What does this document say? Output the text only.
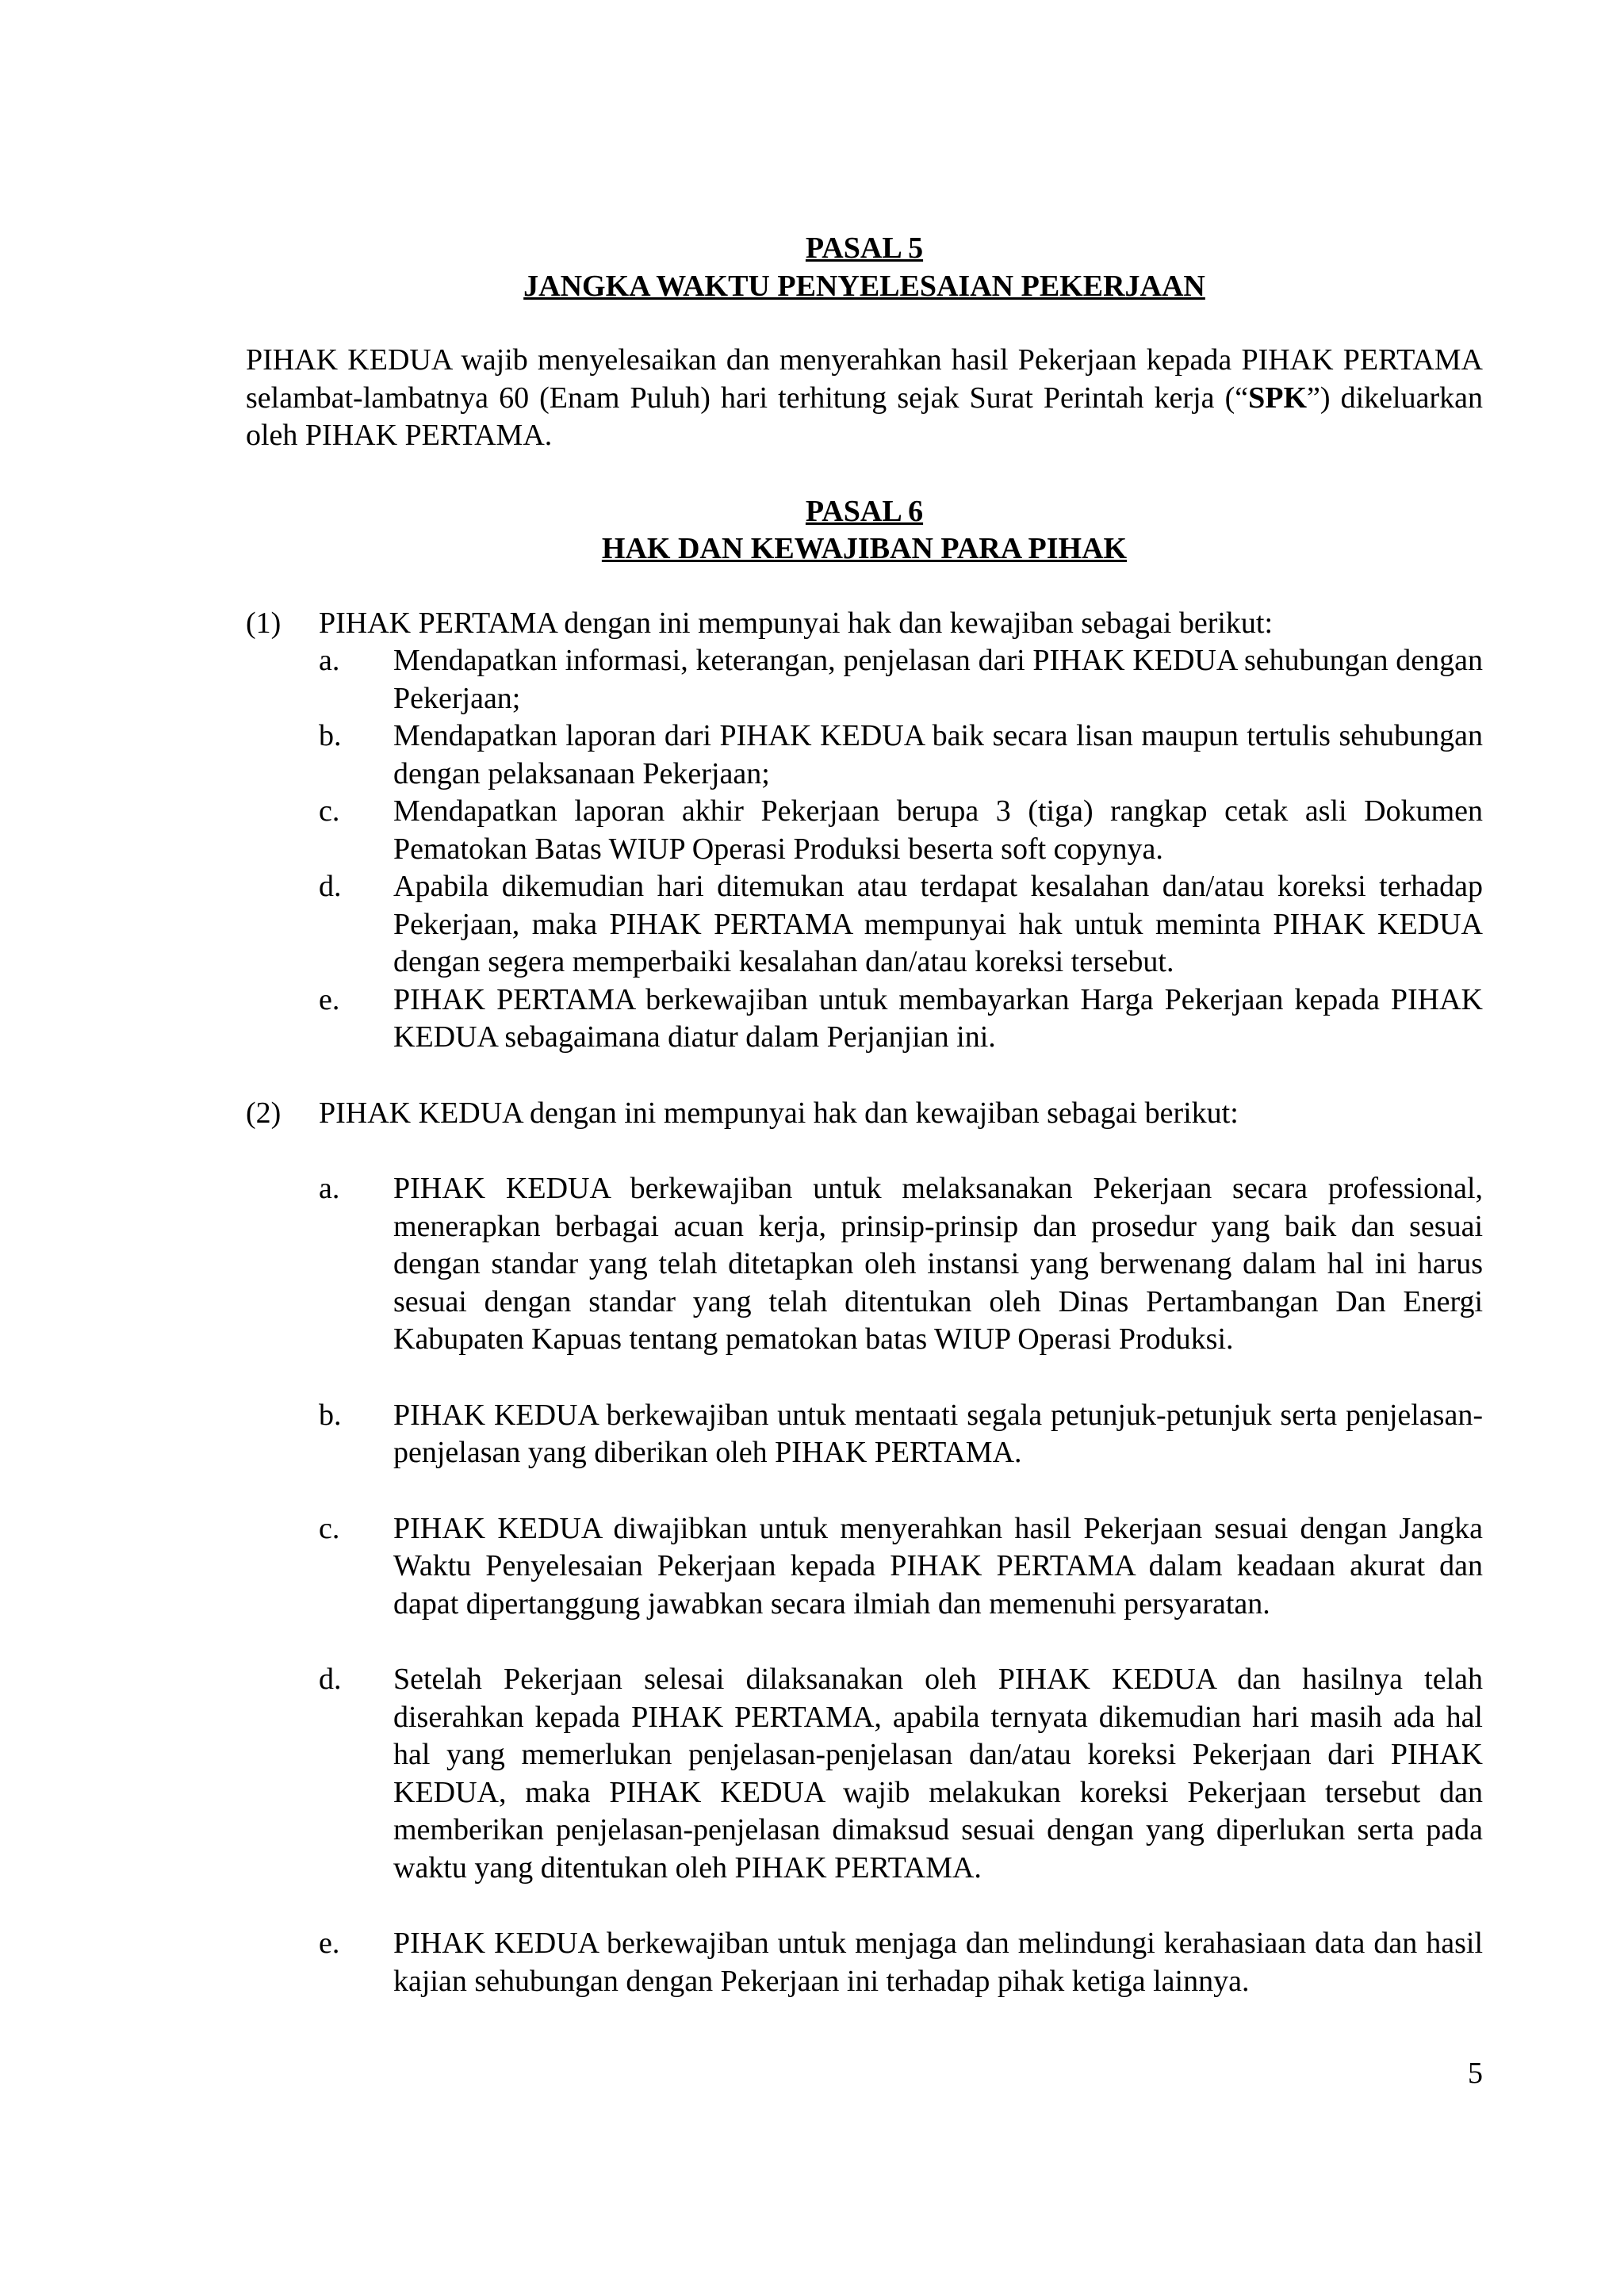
PASAL 5

JANGKA WAKTU PENYELESAIAN PEKERJAAN

PIHAK KEDUA wajib menyelesaikan dan menyerahkan hasil Pekerjaan kepada PIHAK PERTAMA selambat-lambatnya 60 (Enam Puluh) hari terhitung sejak Surat Perintah kerja (“SPK”) dikeluarkan oleh PIHAK PERTAMA.

PASAL 6

HAK DAN KEWAJIBAN PARA PIHAK

(1) PIHAK PERTAMA dengan ini mempunyai hak dan kewajiban sebagai berikut:
a. Mendapatkan informasi, keterangan, penjelasan dari PIHAK KEDUA sehubungan dengan Pekerjaan;
b. Mendapatkan laporan dari PIHAK KEDUA baik secara lisan maupun tertulis sehubungan dengan pelaksanaan Pekerjaan;
c. Mendapatkan laporan akhir Pekerjaan berupa 3 (tiga) rangkap cetak asli Dokumen Pematokan Batas WIUP Operasi Produksi beserta soft copynya.
d. Apabila dikemudian hari ditemukan atau terdapat kesalahan dan/atau koreksi terhadap Pekerjaan, maka PIHAK PERTAMA mempunyai hak untuk meminta PIHAK KEDUA dengan segera memperbaiki kesalahan dan/atau koreksi tersebut.
e. PIHAK PERTAMA berkewajiban untuk membayarkan Harga Pekerjaan kepada PIHAK KEDUA sebagaimana diatur dalam Perjanjian ini.
(2) PIHAK KEDUA dengan ini mempunyai hak dan kewajiban sebagai berikut:
a. PIHAK KEDUA berkewajiban untuk melaksanakan Pekerjaan secara professional, menerapkan berbagai acuan kerja, prinsip-prinsip dan prosedur yang baik dan sesuai dengan standar yang telah ditetapkan oleh instansi yang berwenang dalam hal ini harus sesuai dengan standar yang telah ditentukan oleh Dinas Pertambangan Dan Energi Kabupaten Kapuas tentang pematokan batas WIUP Operasi Produksi.
b. PIHAK KEDUA berkewajiban untuk mentaati segala petunjuk-petunjuk serta penjelasan-penjelasan yang diberikan oleh PIHAK PERTAMA.
c. PIHAK KEDUA diwajibkan untuk menyerahkan hasil Pekerjaan sesuai dengan Jangka Waktu Penyelesaian Pekerjaan kepada PIHAK PERTAMA dalam keadaan akurat dan dapat dipertanggung jawabkan secara ilmiah dan memenuhi persyaratan.
d. Setelah Pekerjaan selesai dilaksanakan oleh PIHAK KEDUA dan hasilnya telah diserahkan kepada PIHAK PERTAMA, apabila ternyata dikemudian hari masih ada hal hal yang memerlukan penjelasan-penjelasan dan/atau koreksi Pekerjaan dari PIHAK KEDUA, maka PIHAK KEDUA wajib melakukan koreksi Pekerjaan tersebut dan memberikan penjelasan-penjelasan dimaksud sesuai dengan yang diperlukan serta pada waktu yang ditentukan oleh PIHAK PERTAMA.
e. PIHAK KEDUA berkewajiban untuk menjaga dan melindungi kerahasiaan data dan hasil kajian sehubungan dengan Pekerjaan ini terhadap pihak ketiga lainnya.
5
